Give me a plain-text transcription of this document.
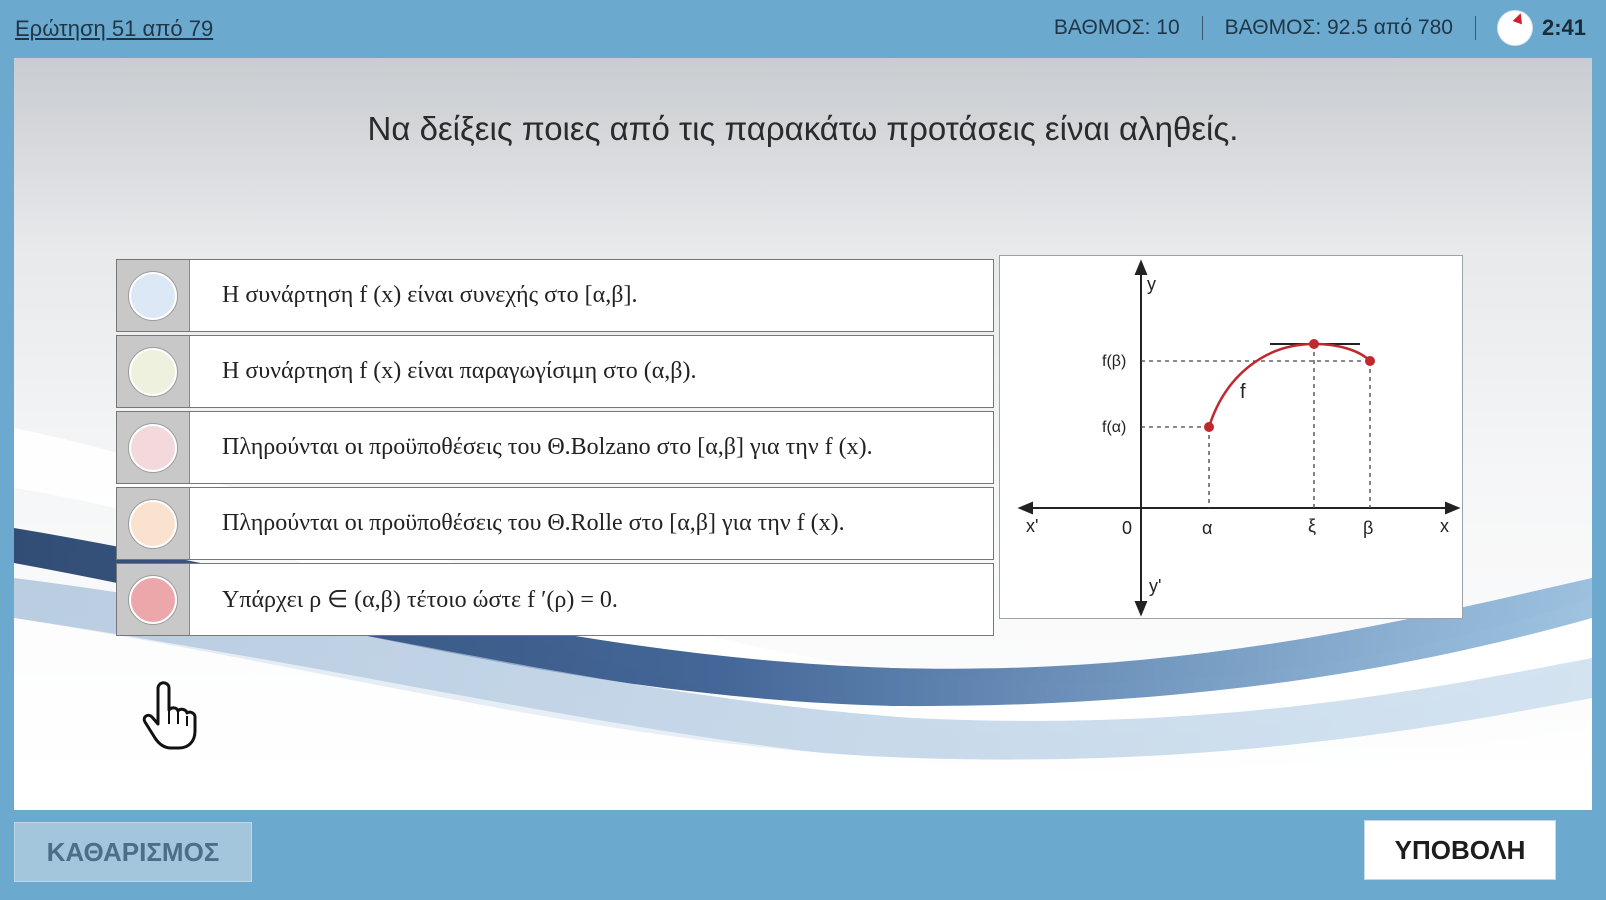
Ερώτηση 51 από 79	ΒΑΘΜΟΣ: 10 ΒΑΘΜΟΣ: 92.5 από 780	2:41
Να δείξεις ποιες από τις παρακάτω προτάσεις είναι αληθείς.
Η συνάρτηση f (x) είναι συνεχής στο [α,β].
Η συνάρτηση f (x) είναι παραγωγίσιμη στο (α,β).
Πληρούνται οι προϋποθέσεις του Θ.Bolzano στο [α,β] για την f (x).
Πληρούνται οι προϋποθέσεις του Θ.Rolle στο [α,β] για την f (x).
Υπάρχει ρ ∈ (α,β) τέτοιο ώστε f ′(ρ) = 0.
y
y'
x
x'	0
f(β)
f(α)
f
α	ξ	β
ΚΑΘΑΡΙΣΜΟΣ	ΥΠΟΒΟΛΗ
